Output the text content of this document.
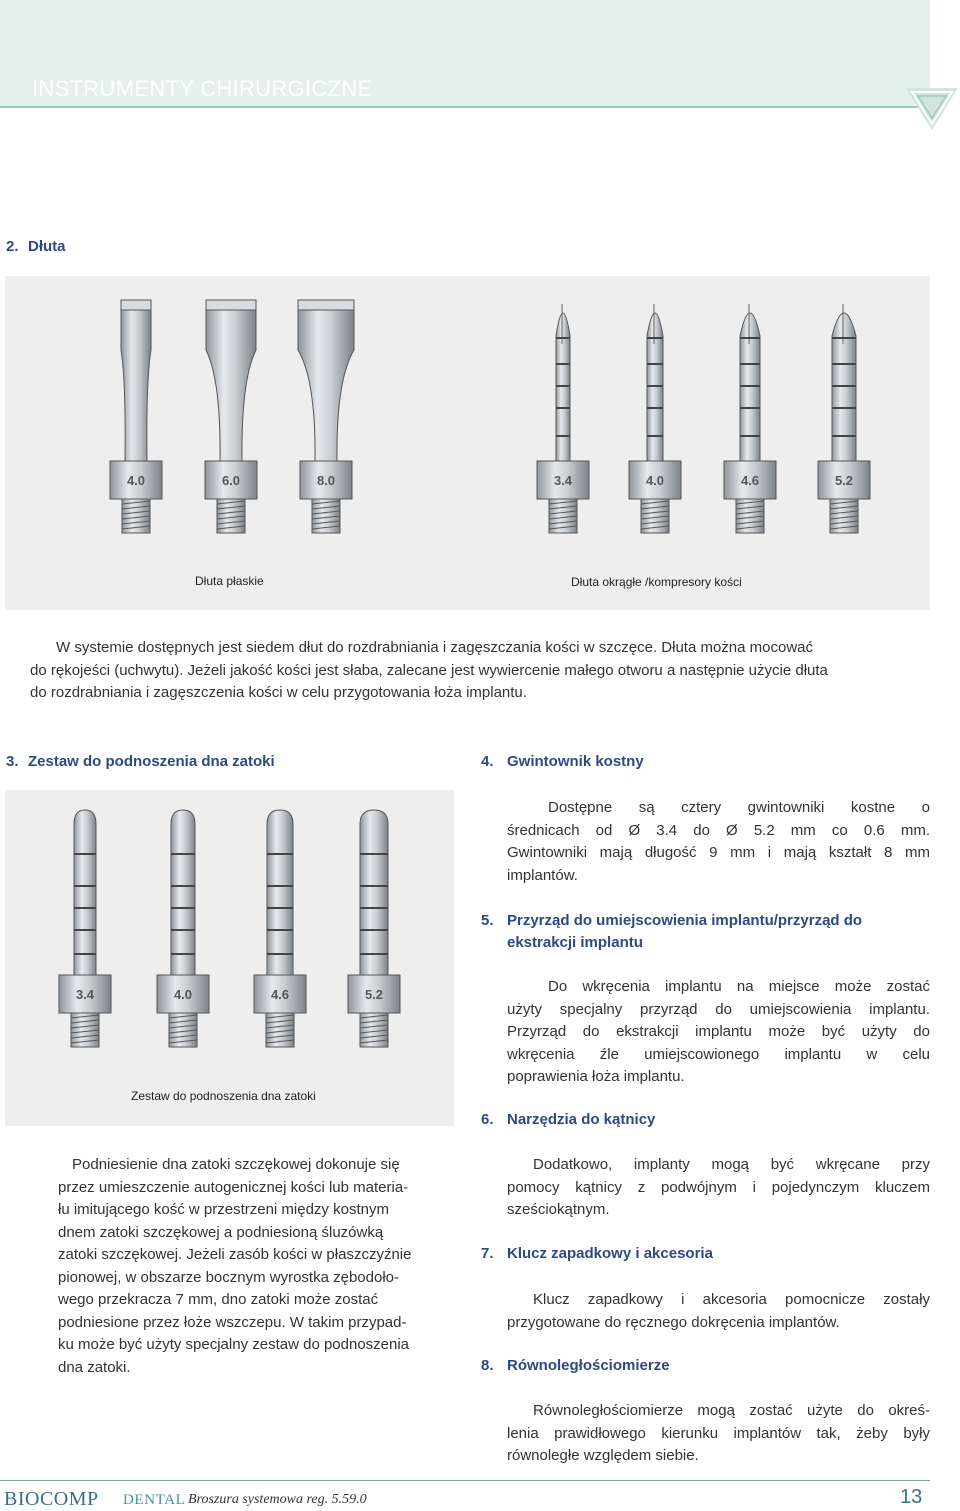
INSTRUMENTY CHIRURGICZNE
2. Dłuta
4.0	6.0	8.0	3.4	4.0	4.6	5.2
Dłuta płaskie	Dłuta okrągłe /kompresory kości
W systemie dostępnych jest siedem dłut do rozdrabniania i zagęszczania kości w szczęce. Dłuta można mocować
do rękojeści (uchwytu). Jeżeli jakość kości jest słaba, zalecane jest wywiercenie małego otworu a następnie użycie dłuta
do rozdrabniania i zagęszczenia kości w celu przygotowania łoża implantu.
3. Zestaw do podnoszenia dna zatoki
3.4	4.0	4.6	5.2
Zestaw do podnoszenia dna zatoki
Podniesienie dna zatoki szczękowej dokonuje się
przez umieszczenie autogenicznej kości lub materia-
łu imitującego kość w przestrzeni między kostnym
dnem zatoki szczękowej a podniesioną śluzówką
zatoki szczękowej. Jeżeli zasób kości w płaszczyźnie
pionowej, w obszarze bocznym wyrostka zębodoło-
wego przekracza 7 mm, dno zatoki może zostać
podniesione przez łoże wszczepu. W takim przypad-
ku może być użyty specjalny zestaw do podnoszenia
dna zatoki.
4. Gwintownik kostny
Dostępne są cztery gwintowniki kostne o
średnicach od Ø 3.4 do Ø 5.2 mm co 0.6 mm.
Gwintowniki mają długość 9 mm i mają kształt 8 mm
implantów.
5. Przyrząd do umiejscowienia implantu/przyrząd do
ekstrakcji implantu
Do wkręcenia implantu na miejsce może zostać
użyty specjalny przyrząd do umiejscowienia implantu.
Przyrząd do ekstrakcji implantu może być użyty do
wkręcenia źle umiejscowionego implantu w celu
poprawienia łoża implantu.
6. Narzędzia do kątnicy
Dodatkowo, implanty mogą być wkręcane przy
pomocy kątnicy z podwójnym i pojedynczym kluczem
sześciokątnym.
7. Klucz zapadkowy i akcesoria
Klucz zapadkowy i akcesoria pomocnicze zostały
przygotowane do ręcznego dokręcenia implantów.
8. Równoległościomierze
Równoległościomierze mogą zostać użyte do okreś-
lenia prawidłowego kierunku implantów tak, żeby były
równoległe względem siebie.
BIOCOMP DENTAL Broszura systemowa reg. 5.59.0	13
